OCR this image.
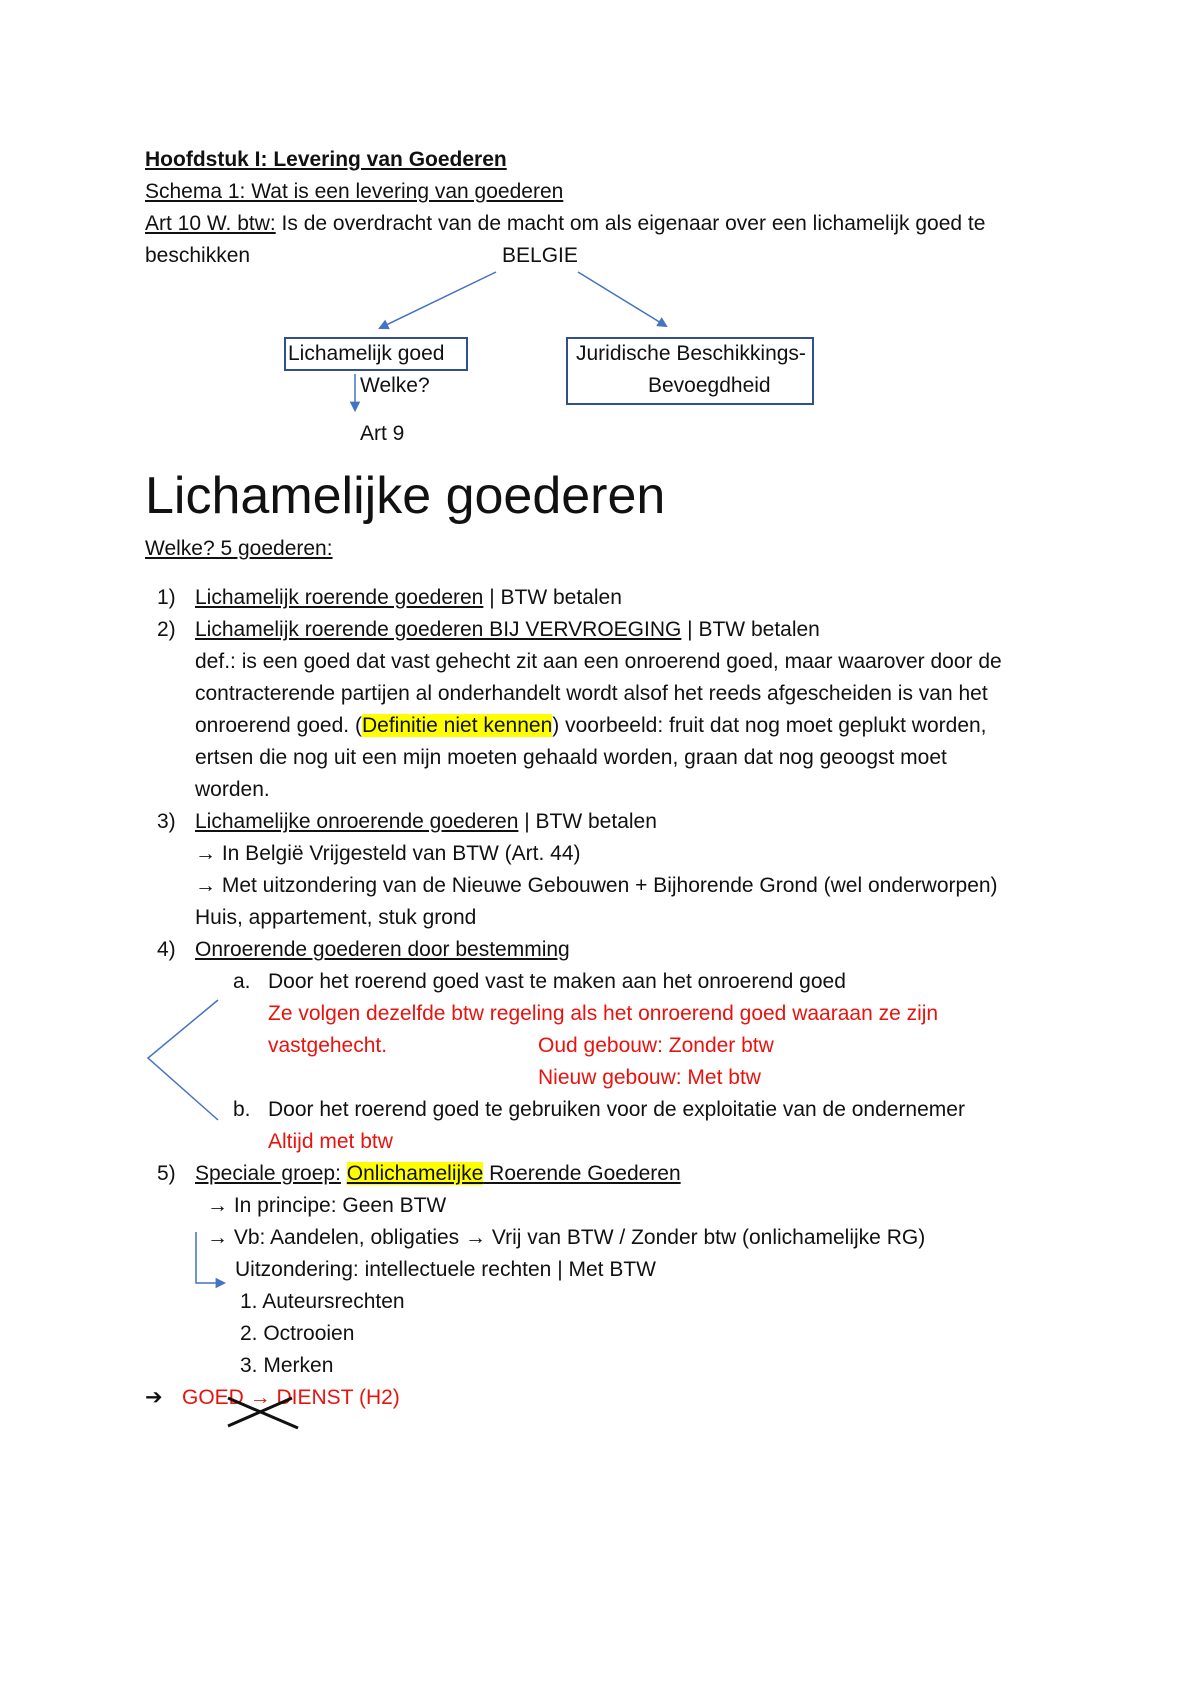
Hoofdstuk I: Levering van Goederen
Schema 1: Wat is een levering van goederen
Art 10 W. btw: Is de overdracht van de macht om als eigenaar over een lichamelijk goed te
beschikken	BELGIE
Lichamelijk goed	Juridische Beschikkings-
Bevoegdheid
Welke?
Art 9
Lichamelijke goederen
Welke? 5 goederen:
1) Lichamelijk roerende goederen | BTW betalen
2) Lichamelijk roerende goederen BIJ VERVROEGING | BTW betalen
def.: is een goed dat vast gehecht zit aan een onroerend goed, maar waarover door de
contracterende partijen al onderhandelt wordt alsof het reeds afgescheiden is van het
onroerend goed. (Definitie niet kennen) voorbeeld: fruit dat nog moet geplukt worden,
ertsen die nog uit een mijn moeten gehaald worden, graan dat nog geoogst moet
worden.
3) Lichamelijke onroerende goederen | BTW betalen
→ In België Vrijgesteld van BTW (Art. 44)
→ Met uitzondering van de Nieuwe Gebouwen + Bijhorende Grond (wel onderworpen)
Huis, appartement, stuk grond
4) Onroerende goederen door bestemming
a. Door het roerend goed vast te maken aan het onroerend goed
Ze volgen dezelfde btw regeling als het onroerend goed waaraan ze zijn
vastgehecht.	Oud gebouw: Zonder btw
Nieuw gebouw: Met btw
b. Door het roerend goed te gebruiken voor de exploitatie van de ondernemer
Altijd met btw
5) Speciale groep: Onlichamelijke Roerende Goederen
→ In principe: Geen BTW
→ Vb: Aandelen, obligaties → Vrij van BTW / Zonder btw (onlichamelijke RG)
Uitzondering: intellectuele rechten | Met BTW
1. Auteursrechten
2. Octrooien
3. Merken
➔ GOED → DIENST (H2)
